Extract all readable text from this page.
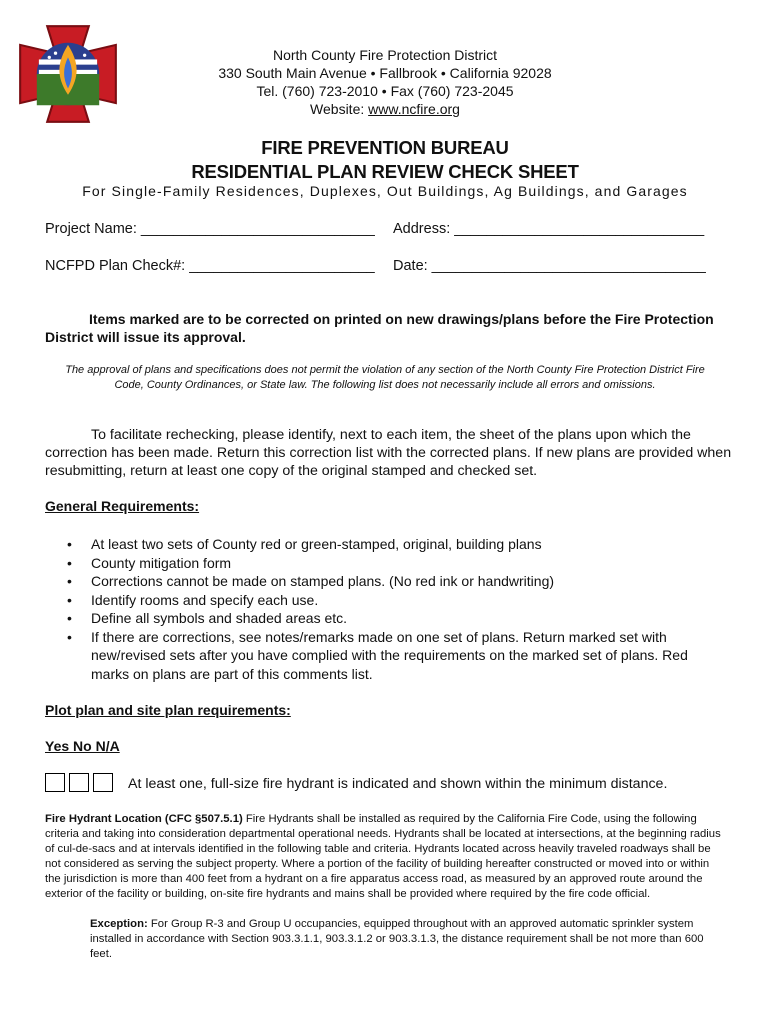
North County Fire Protection District
330 South Main Avenue • Fallbrook • California 92028
Tel. (760) 723-2010 • Fax (760) 723-2045
Website: www.ncfire.org
FIRE PREVENTION BUREAU
RESIDENTIAL PLAN REVIEW CHECK SHEET
For Single-Family Residences, Duplexes, Out Buildings, Ag Buildings, and Garages
Project Name: _____________________________ Address: _______________________________
NCFPD Plan Check#: _______________________ Date: __________________________________
Items marked are to be corrected on printed on new drawings/plans before the Fire Protection District will issue its approval.
The approval of plans and specifications does not permit the violation of any section of the North County Fire Protection District Fire Code, County Ordinances, or State law. The following list does not necessarily include all errors and omissions.
To facilitate rechecking, please identify, next to each item, the sheet of the plans upon which the correction has been made. Return this correction list with the corrected plans. If new plans are provided when resubmitting, return at least one copy of the original stamped and checked set.
General Requirements:
• At least two sets of County red or green-stamped, original, building plans
• County mitigation form
• Corrections cannot be made on stamped plans. (No red ink or handwriting)
• Identify rooms and specify each use.
• Define all symbols and shaded areas etc.
• If there are corrections, see notes/remarks made on one set of plans. Return marked set with new/revised sets after you have complied with the requirements on the marked set of plans. Red marks on plans are part of this comments list.
Plot plan and site plan requirements:
Yes No N/A
At least one, full-size fire hydrant is indicated and shown within the minimum distance.
Fire Hydrant Location (CFC §507.5.1) Fire Hydrants shall be installed as required by the California Fire Code, using the following criteria and taking into consideration departmental operational needs. Hydrants shall be located at intersections, at the beginning radius of cul-de-sacs and at intervals identified in the following table and criteria. Hydrants located across heavily traveled roadways shall be not considered as serving the subject property. Where a portion of the facility of building hereafter constructed or moved into or within the jurisdiction is more than 400 feet from a hydrant on a fire apparatus access road, as measured by an approved route around the exterior of the facility or building, on-site fire hydrants and mains shall be provided where required by the fire code official.
Exception: For Group R-3 and Group U occupancies, equipped throughout with an approved automatic sprinkler system installed in accordance with Section 903.3.1.1, 903.3.1.2 or 903.3.1.3, the distance requirement shall be not more than 600 feet.
